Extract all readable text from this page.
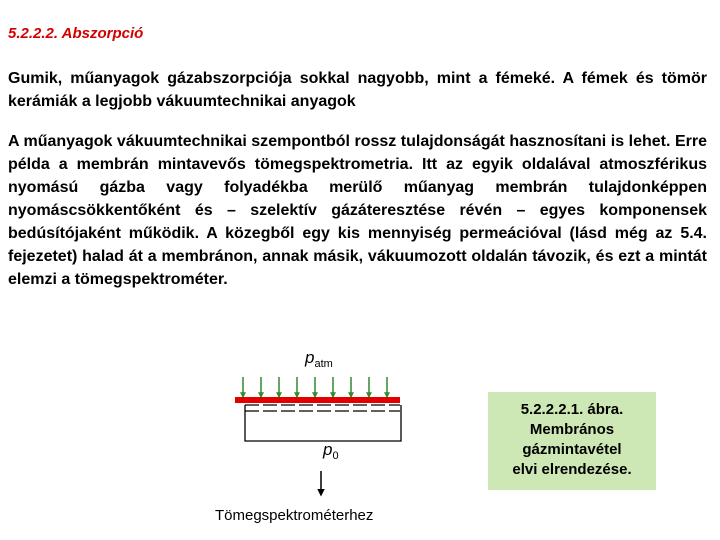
5.2.2.2. Abszorpció
Gumik, műanyagok gázabszorpciója sokkal nagyobb, mint a fémeké. A fémek és tömör kerámiák a legjobb vákuumtechnikai anyagok
A műanyagok vákuumtechnikai szempontból rossz tulajdonságát hasznosítani is lehet. Erre példa a membrán mintavevős tömegspektrometria. Itt az egyik oldalával atmoszférikus nyomású gázba vagy folyadékba merülő műanyag membrán tulajdonképpen nyomáscsökkentőként és – szelektív gázáteresztése révén – egyes komponensek bedúsítójaként működik. A közegből egy kis mennyiség permeációval (lásd még az 5.4. fejezetet) halad át a membránon, annak másik, vákuumozott oldalán távozik, és ezt a mintát elemzi a tömegspektrométer.
$p_{atm}$
$p_0$
Tömegspektrométerhez
5.2.2.2.1. ábra.
Membrános
gázmintavétel
elvi elrendezése.
